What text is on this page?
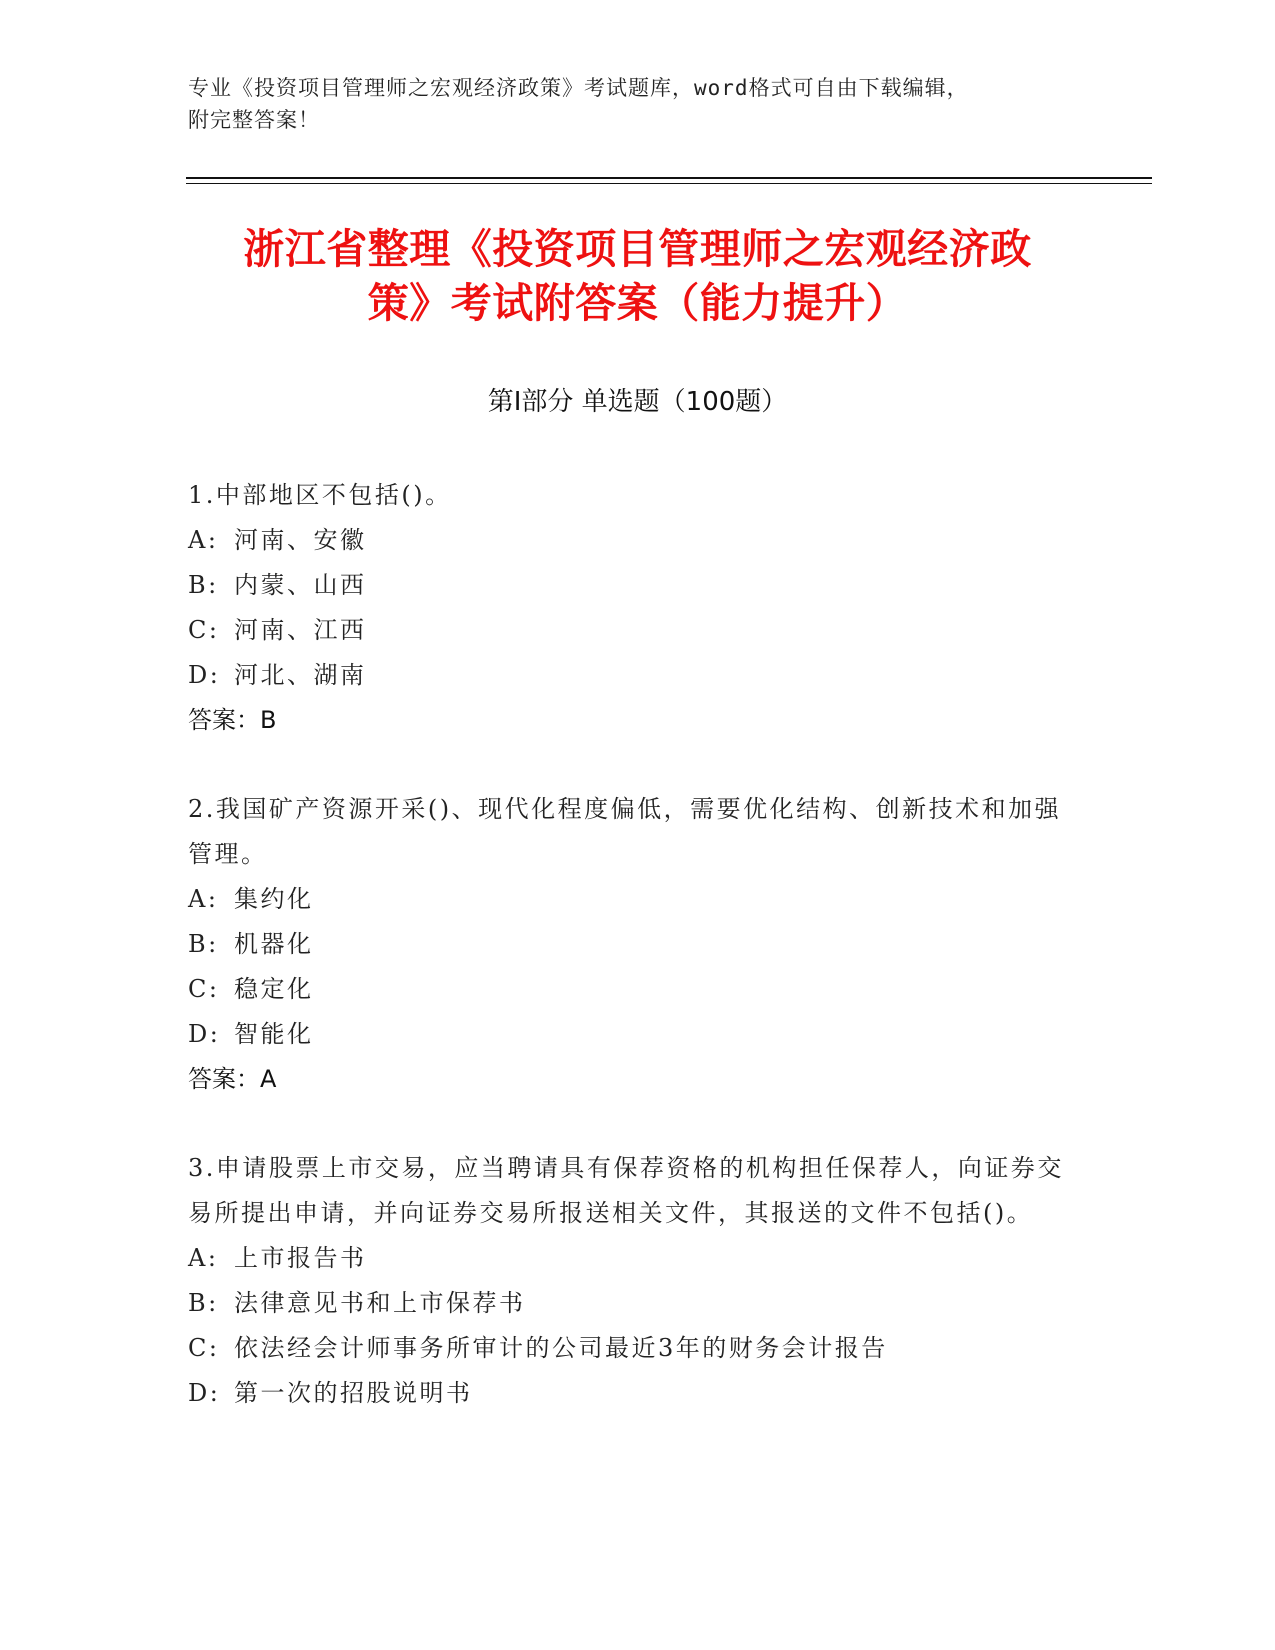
专业《投资项目管理师之宏观经济政策》考试题库，word格式可自由下载编辑，
附完整答案！
浙江省整理《投资项目管理师之宏观经济政
策》考试附答案（能力提升）
第Ⅰ部分 单选题（100题）
1.中部地区不包括()。
A: 河南、安徽
B: 内蒙、山西
C: 河南、江西
D: 河北、湖南
答案：B
2.我国矿产资源开采()、现代化程度偏低，需要优化结构、创新技术和加强管理。
A: 集约化
B: 机器化
C: 稳定化
D: 智能化
答案：A
3.申请股票上市交易，应当聘请具有保荐资格的机构担任保荐人，向证券交易所提出申请，并向证券交易所报送相关文件，其报送的文件不包括()。
A: 上市报告书
B: 法律意见书和上市保荐书
C: 依法经会计师事务所审计的公司最近3年的财务会计报告
D: 第一次的招股说明书
